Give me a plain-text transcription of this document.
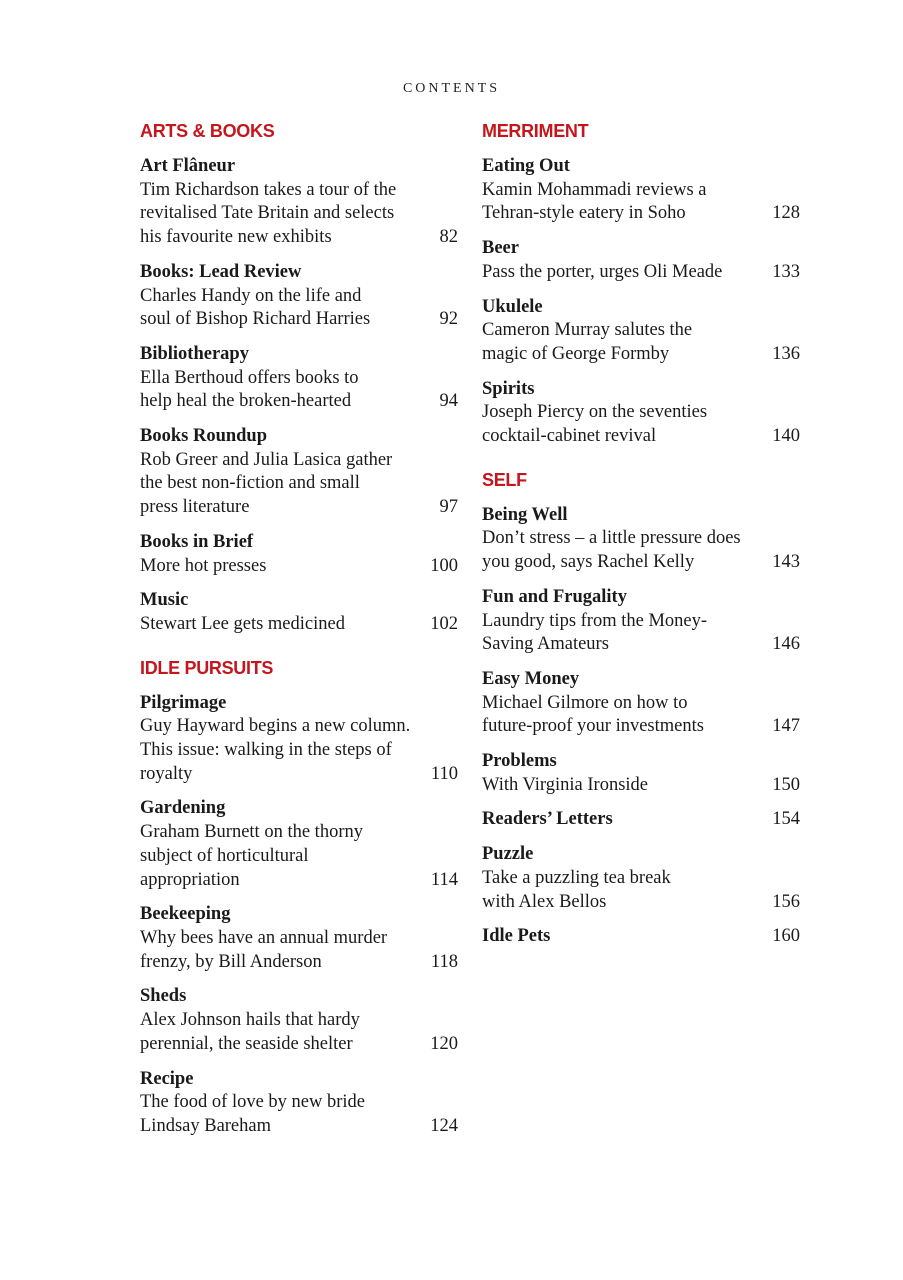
CONTENTS
ARTS & BOOKS
Art Flâneur
Tim Richardson takes a tour of the
revitalised Tate Britain and selects
his favourite new exhibits	82
Books: Lead Review
Charles Handy on the life and
soul of Bishop Richard Harries	92
Bibliotherapy
Ella Berthoud offers books to
help heal the broken-hearted	94
Books Roundup
Rob Greer and Julia Lasica gather
the best non-fiction and small
press literature	97
Books in Brief
More hot presses	100
Music
Stewart Lee gets medicined	102
IDLE PURSUITS
Pilgrimage
Guy Hayward begins a new column.
This issue: walking in the steps of
royalty	110
Gardening
Graham Burnett on the thorny
subject of horticultural
appropriation	114
Beekeeping
Why bees have an annual murder
frenzy, by Bill Anderson	118
Sheds
Alex Johnson hails that hardy
perennial, the seaside shelter	120
Recipe
The food of love by new bride
Lindsay Bareham	124
MERRIMENT
Eating Out
Kamin Mohammadi reviews a
Tehran-style eatery in Soho	128
Beer
Pass the porter, urges Oli Meade	133
Ukulele
Cameron Murray salutes the
magic of George Formby	136
Spirits
Joseph Piercy on the seventies
cocktail-cabinet revival	140
SELF
Being Well
Don’t stress – a little pressure does
you good, says Rachel Kelly	143
Fun and Frugality
Laundry tips from the Money-
Saving Amateurs	146
Easy Money
Michael Gilmore on how to
future-proof your investments	147
Problems
With Virginia Ironside	150
Readers’ Letters	154
Puzzle
Take a puzzling tea break
with Alex Bellos	156
Idle Pets	160
